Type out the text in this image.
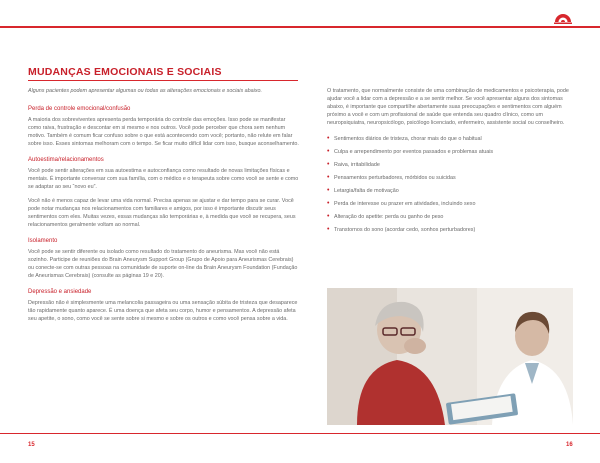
MUDANÇAS EMOCIONAIS E SOCIAIS

Alguns pacientes podem apresentar algumas ou todas as alterações emocionais e sociais abaixo.

Perda de controle emocional/confusão

A maioria dos sobreviventes apresenta perda temporária do controle das emoções. Isso pode se manifestar como raiva, frustração e descontar em si mesmo e nos outros. Você pode perceber que chora sem nenhum motivo. Também é comum ficar confuso sobre o que está acontecendo com você; portanto, não relute em falar sobre isso. Esses sintomas melhoram com o tempo. Se ficar muito difícil lidar com isso, busque aconselhamento.

Autoestima/relacionamentos

Você pode sentir alterações em sua autoestima e autoconfiança como resultado de novas limitações físicas e mentais. É importante conversar com sua família, com o médico e o terapeuta sobre como você se sente e como se adaptar ao seu “novo eu”.

Você não é menos capaz de levar uma vida normal. Precisa apenas se ajustar e dar tempo para se curar. Você pode notar mudanças nos relacionamentos com familiares e amigos, por isso é importante discutir seus sentimentos com eles. Muitas vezes, essas mudanças são temporárias e, à medida que você se recupera, seus relacionamentos geralmente voltam ao normal.

Isolamento

Você pode se sentir diferente ou isolado como resultado do tratamento do aneurisma. Mas você não está sozinho. Participe de reuniões do Brain Aneurysm Support Group (Grupo de Apoio para Aneurismas Cerebrais) ou conecte-se com outras pessoas na comunidade de suporte on-line da Brain Aneurysm Foundation (Fundação de Aneurismas Cerebrais) (consulte as páginas 19 e 20).

Depressão e ansiedade

Depressão não é simplesmente uma melancolia passageira ou uma sensação súbita de tristeza que desaparece tão rapidamente quanto aparece. É uma doença que afeta seu corpo, humor e pensamentos. A depressão afeta seu apetite, o sono, como você se sente sobre si mesmo e sobre os outros e como você pensa sobre a vida.

O tratamento, que normalmente consiste de uma combinação de medicamentos e psicoterapia, pode ajudar você a lidar com a depressão e a se sentir melhor. Se você apresentar alguns dos sintomas abaixo, é importante que compartilhe abertamente suas preocupações e sentimentos com alguém próximo a você e com um profissional de saúde que entenda seu quadro clínico, como um neuropsiquiatra, neuropsicólogo, psicólogo licenciado, enfermeiro, assistente social ou conselheiro.

• Sentimentos diários de tristeza, chorar mais do que o habitual
• Culpa e arrependimento por eventos passados e problemas atuais
• Raiva, irritabilidade
• Pensamentos perturbadores, mórbidos ou suicidas
• Letargia/falta de motivação
• Perda de interesse ou prazer em atividades, incluindo sexo
• Alteração do apetite: perda ou ganho de peso
• Transtornos do sono (acordar cedo, sonhos perturbadores)
15	16
